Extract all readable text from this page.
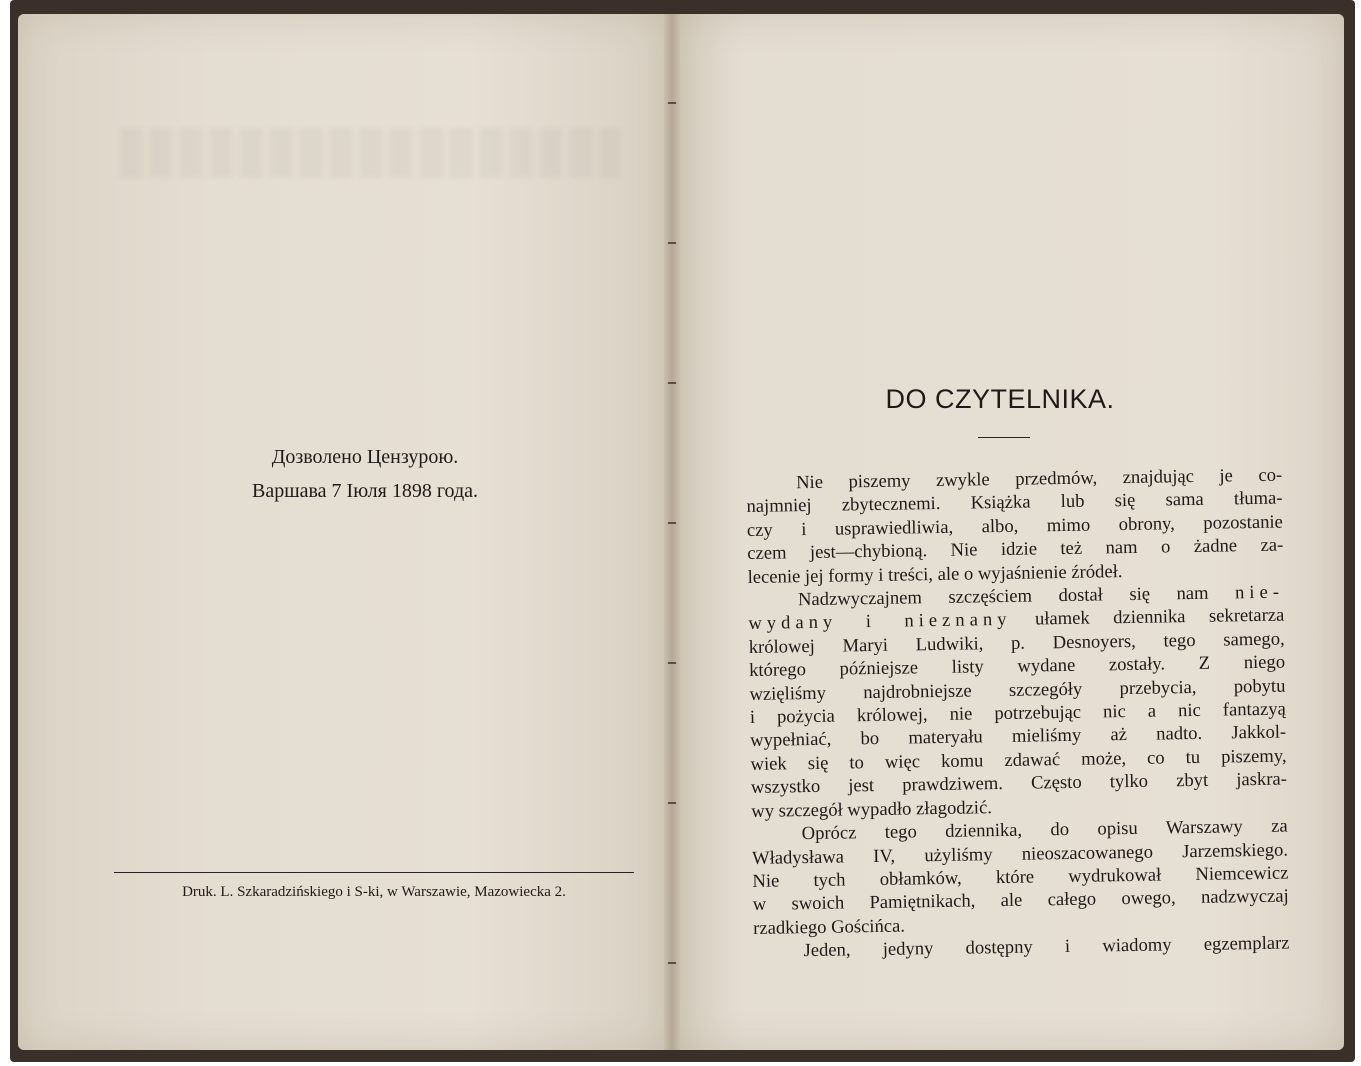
Дозволено Цензурою.
Варшава 7 Іюля 1898 года.
Druk. L. Szkaradzińskiego i S-ki, w Warszawie, Mazowiecka 2.
DO CZYTELNIKA.
Nie piszemy zwykle przedmów, znajdując je co-
najmniej zbytecznemi. Książka lub się sama tłuma-
czy i usprawiedliwia, albo, mimo obrony, pozostanie
czem jest—chybioną. Nie idzie też nam o żadne za-
lecenie jej formy i treści, ale o wyjaśnienie źródeł.
Nadzwyczajnem szczęściem dostał się nam nie-
wydany i nieznany ułamek dziennika sekretarza
królowej Maryi Ludwiki, p. Desnoyers, tego samego,
którego późniejsze listy wydane zostały. Z niego
wzięliśmy najdrobniejsze szczegóły przebycia, pobytu
i pożycia królowej, nie potrzebując nic a nic fantazyą
wypełniać, bo materyału mieliśmy aż nadto. Jakkol-
wiek się to więc komu zdawać może, co tu piszemy,
wszystko jest prawdziwem. Często tylko zbyt jaskra-
wy szczegół wypadło złagodzić.
Oprócz tego dziennika, do opisu Warszawy za
Władysława IV, użyliśmy nieoszacowanego Jarzemskiego.
Nie tych obłamków, które wydrukował Niemcewicz
w swoich Pamiętnikach, ale całego owego, nadzwyczaj
rzadkiego Gościńca.
Jeden, jedyny dostępny i wiadomy egzemplarz
